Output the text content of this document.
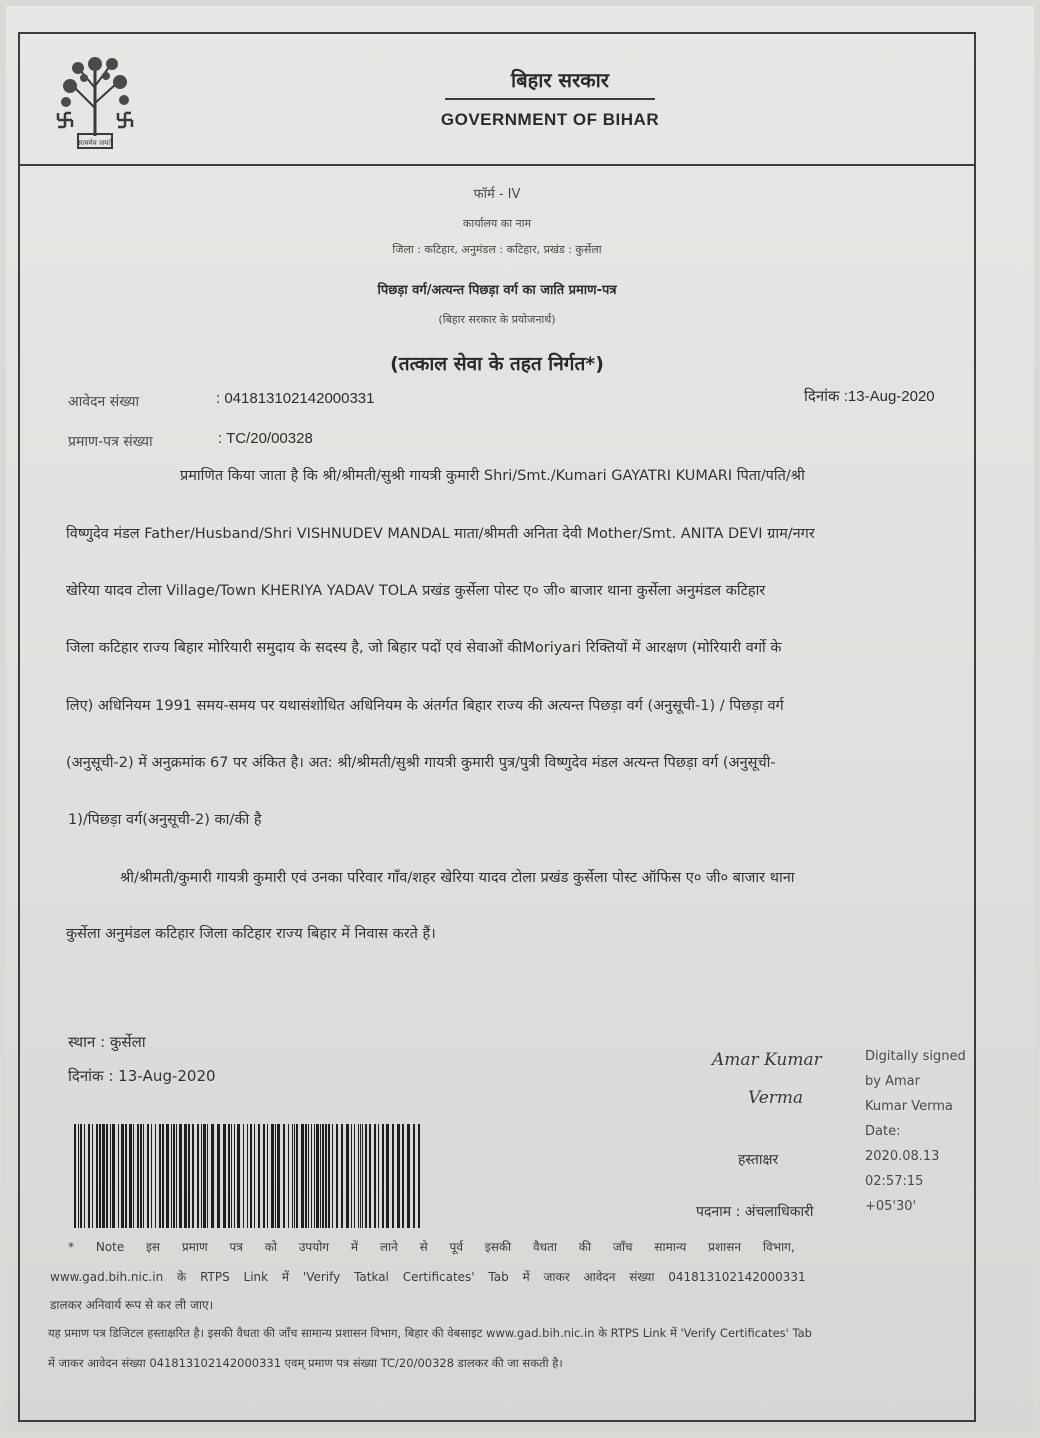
सत्यमेव जयते
बिहार सरकार
GOVERNMENT OF BIHAR
फॉर्म - IV
कार्यालय का नाम
जिला : कटिहार, अनुमंडल : कटिहार, प्रखंड : कुर्सेला
पिछड़ा वर्ग/अत्यन्त पिछड़ा वर्ग का जाति प्रमाण-पत्र
(बिहार सरकार के प्रयोजनार्थ)
(तत्काल सेवा के तहत निर्गत*)
आवेदन संख्या	: 041813102142000331	दिनांक :13-Aug-2020
प्रमाण-पत्र संख्या	: TC/20/00328
प्रमाणित किया जाता है कि श्री/श्रीमती/सुश्री गायत्री कुमारी Shri/Smt./Kumari GAYATRI KUMARI पिता/पति/श्री
विष्णुदेव मंडल Father/Husband/Shri VISHNUDEV MANDAL माता/श्रीमती अनिता देवी Mother/Smt. ANITA DEVI ग्राम/नगर
खेरिया यादव टोला Village/Town KHERIYA YADAV TOLA प्रखंड कुर्सेला पोस्ट ए० जी० बाजार थाना कुर्सेला अनुमंडल कटिहार
जिला कटिहार राज्य बिहार मोरियारी समुदाय के सदस्य है, जो बिहार पदों एवं सेवाओं कीMoriyari रिक्तियों में आरक्षण (मोरियारी वर्गो के
लिए) अधिनियम 1991 समय-समय पर यथासंशोधित अधिनियम के अंतर्गत बिहार राज्य की अत्यन्त पिछड़ा वर्ग (अनुसूची-1) / पिछड़ा वर्ग
(अनुसूची-2) में अनुक्रमांक 67 पर अंकित है। अत: श्री/श्रीमती/सुश्री गायत्री कुमारी पुत्र/पुत्री विष्णुदेव मंडल अत्यन्त पिछड़ा वर्ग (अनुसूची-
1)/पिछड़ा वर्ग(अनुसूची-2) का/की है
श्री/श्रीमती/कुमारी गायत्री कुमारी एवं उनका परिवार गाँव/शहर खेरिया यादव टोला प्रखंड कुर्सेला पोस्ट ऑफिस ए० जी० बाजार थाना
कुर्सेला अनुमंडल कटिहार जिला कटिहार राज्य बिहार में निवास करते हैं।
स्थान : कुर्सेला
दिनांक : 13-Aug-2020
Amar Kumar
Verma
Digitally signed
by Amar
Kumar Verma
Date:
2020.08.13
02:57:15
+05'30'
हस्ताक्षर
पदनाम : अंचलाधिकारी
* Note इस प्रमाण पत्र को उपयोग में लाने से पूर्व इसकी वैधता की जाँच सामान्य प्रशासन विभाग,
www.gad.bih.nic.in के RTPS Link में 'Verify Tatkal Certificates' Tab में जाकर आवेदन संख्या 041813102142000331
डालकर अनिवार्य रूप से कर ली जाए।
यह प्रमाण पत्र डिजिटल हस्ताक्षरित है। इसकी वैधता की जाँच सामान्य प्रशासन विभाग, बिहार की वेबसाइट www.gad.bih.nic.in के RTPS Link में 'Verify Certificates' Tab
में जाकर आवेदन संख्या 041813102142000331 एवम् प्रमाण पत्र संख्या TC/20/00328 डालकर की जा सकती है।
